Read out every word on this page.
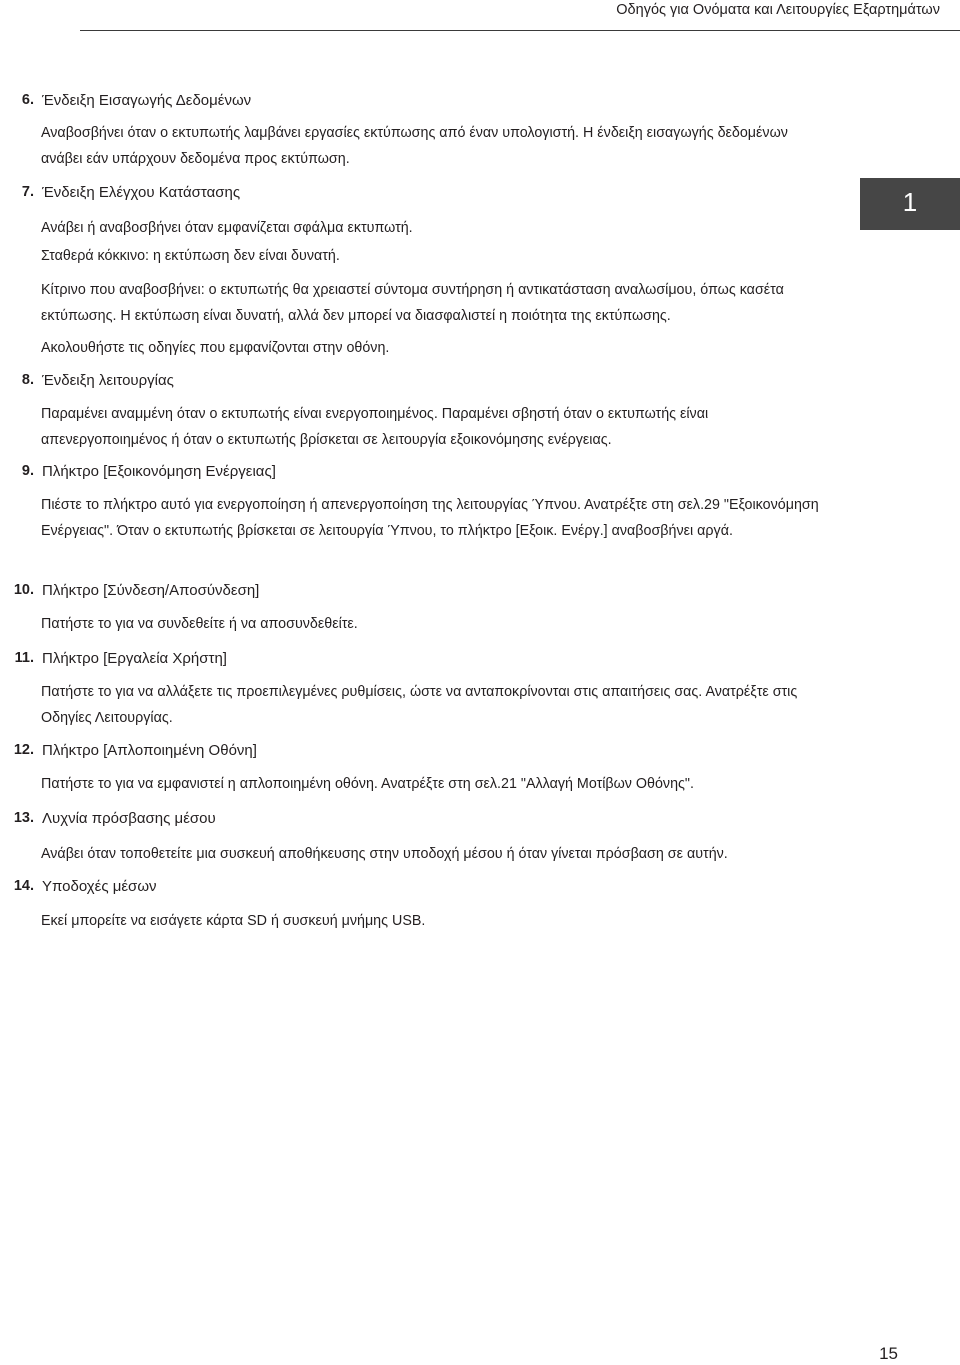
Οδηγός για Ονόματα και Λειτουργίες Εξαρτημάτων
1
6. Ένδειξη Εισαγωγής Δεδομένων

Αναβοσβήνει όταν ο εκτυπωτής λαμβάνει εργασίες εκτύπωσης από έναν υπολογιστή. Η ένδειξη εισαγωγής δεδομένων ανάβει εάν υπάρχουν δεδομένα προς εκτύπωση.

7. Ένδειξη Ελέγχου Κατάστασης

Ανάβει ή αναβοσβήνει όταν εμφανίζεται σφάλμα εκτυπωτή.

Σταθερά κόκκινο: η εκτύπωση δεν είναι δυνατή.

Κίτρινο που αναβοσβήνει: ο εκτυπωτής θα χρειαστεί σύντομα συντήρηση ή αντικατάσταση αναλωσίμου, όπως κασέτα εκτύπωσης. Η εκτύπωση είναι δυνατή, αλλά δεν μπορεί να διασφαλιστεί η ποιότητα της εκτύπωσης.

Ακολουθήστε τις οδηγίες που εμφανίζονται στην οθόνη.

8. Ένδειξη λειτουργίας

Παραμένει αναμμένη όταν ο εκτυπωτής είναι ενεργοποιημένος. Παραμένει σβηστή όταν ο εκτυπωτής είναι απενεργοποιημένος ή όταν ο εκτυπωτής βρίσκεται σε λειτουργία εξοικονόμησης ενέργειας.

9. Πλήκτρο [Εξοικονόμηση Ενέργειας]

Πιέστε το πλήκτρο αυτό για ενεργοποίηση ή απενεργοποίηση της λειτουργίας Ύπνου. Ανατρέξτε στη σελ.29 "Εξοικονόμηση Ενέργειας". Όταν ο εκτυπωτής βρίσκεται σε λειτουργία Ύπνου, το πλήκτρο [Εξοικ. Ενέργ.] αναβοσβήνει αργά.

10. Πλήκτρο [Σύνδεση/Αποσύνδεση]

Πατήστε το για να συνδεθείτε ή να αποσυνδεθείτε.

11. Πλήκτρο [Εργαλεία Χρήστη]

Πατήστε το για να αλλάξετε τις προεπιλεγμένες ρυθμίσεις, ώστε να ανταποκρίνονται στις απαιτήσεις σας. Ανατρέξτε στις Οδηγίες Λειτουργίας.

12. Πλήκτρο [Απλοποιημένη Οθόνη]

Πατήστε το για να εμφανιστεί η απλοποιημένη οθόνη. Ανατρέξτε στη σελ.21 "Αλλαγή Μοτίβων Οθόνης".

13. Λυχνία πρόσβασης μέσου

Ανάβει όταν τοποθετείτε μια συσκευή αποθήκευσης στην υποδοχή μέσου ή όταν γίνεται πρόσβαση σε αυτήν.

14. Υποδοχές μέσων

Εκεί μπορείτε να εισάγετε κάρτα SD ή συσκευή μνήμης USB.

15
